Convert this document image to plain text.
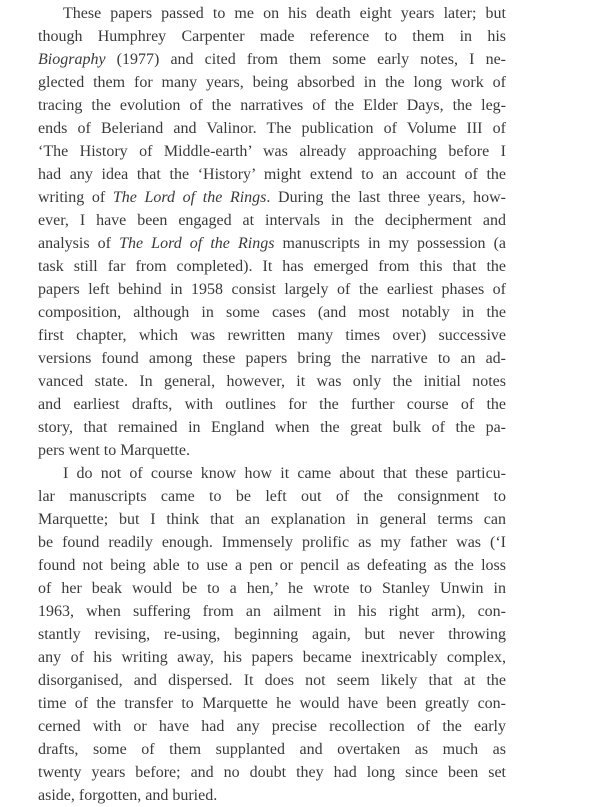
These papers passed to me on his death eight years later; but
though Humphrey Carpenter made reference to them in his
Biography (1977) and cited from them some early notes, I ne-
glected them for many years, being absorbed in the long work of
tracing the evolution of the narratives of the Elder Days, the leg-
ends of Beleriand and Valinor. The publication of Volume III of
‘The History of Middle-earth’ was already approaching before I
had any idea that the ‘History’ might extend to an account of the
writing of The Lord of the Rings. During the last three years, how-
ever, I have been engaged at intervals in the decipherment and
analysis of The Lord of the Rings manuscripts in my possession (a
task still far from completed). It has emerged from this that the
papers left behind in 1958 consist largely of the earliest phases of
composition, although in some cases (and most notably in the
first chapter, which was rewritten many times over) successive
versions found among these papers bring the narrative to an ad-
vanced state. In general, however, it was only the initial notes
and earliest drafts, with outlines for the further course of the
story, that remained in England when the great bulk of the pa-
pers went to Marquette.
I do not of course know how it came about that these particu-
lar manuscripts came to be left out of the consignment to
Marquette; but I think that an explanation in general terms can
be found readily enough. Immensely prolific as my father was (‘I
found not being able to use a pen or pencil as defeating as the loss
of her beak would be to a hen,’ he wrote to Stanley Unwin in
1963, when suffering from an ailment in his right arm), con-
stantly revising, re-using, beginning again, but never throwing
any of his writing away, his papers became inextricably complex,
disorganised, and dispersed. It does not seem likely that at the
time of the transfer to Marquette he would have been greatly con-
cerned with or have had any precise recollection of the early
drafts, some of them supplanted and overtaken as much as
twenty years before; and no doubt they had long since been set
aside, forgotten, and buried.
